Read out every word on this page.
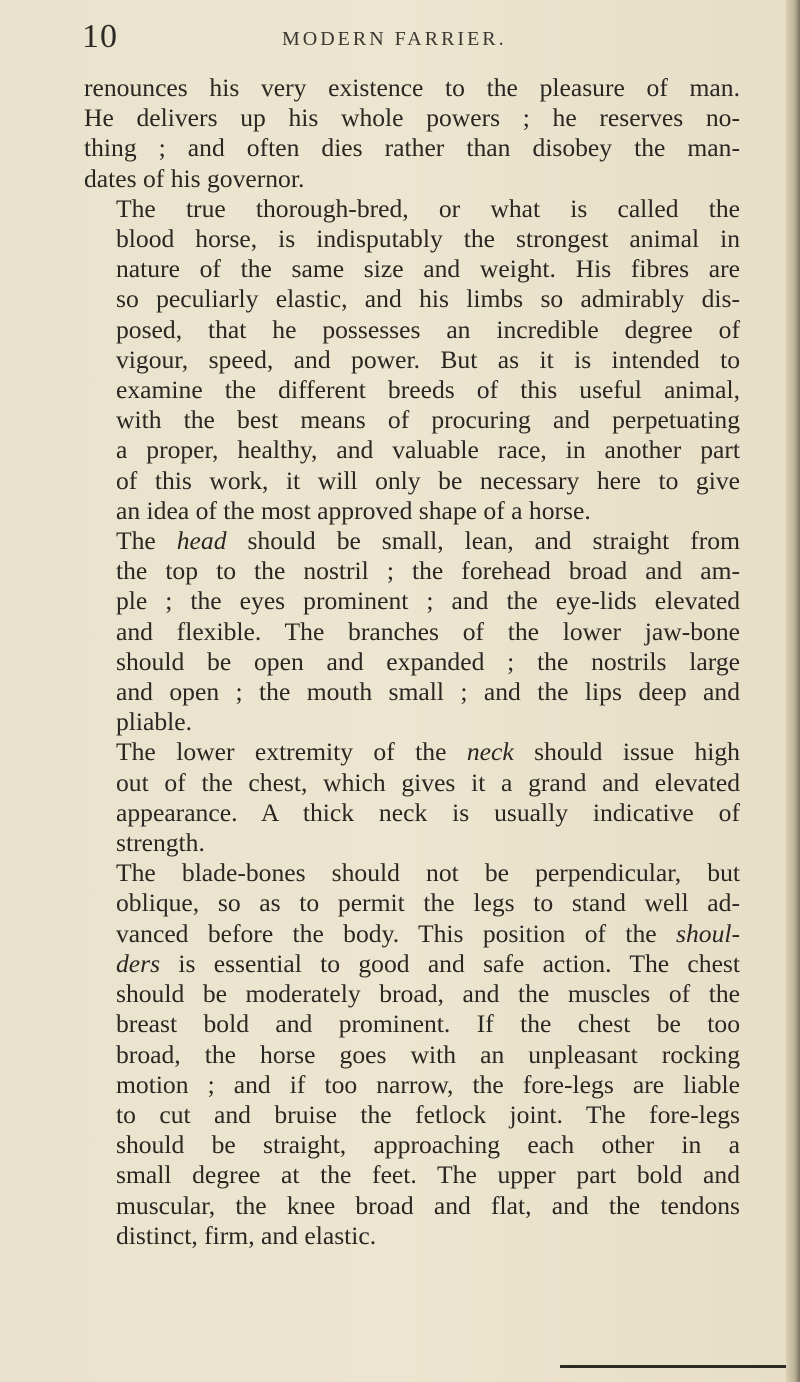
10	MODERN FARRIER.

renounces his very existence to the pleasure of man.
He delivers up his whole powers ; he reserves no-
thing ; and often dies rather than disobey the man-
dates of his governor.

The true thorough-bred, or what is called the
blood horse, is indisputably the strongest animal in
nature of the same size and weight. His fibres are
so peculiarly elastic, and his limbs so admirably dis-
posed, that he possesses an incredible degree of
vigour, speed, and power. But as it is intended to
examine the different breeds of this useful animal,
with the best means of procuring and perpetuating
a proper, healthy, and valuable race, in another part
of this work, it will only be necessary here to give
an idea of the most approved shape of a horse.

The head should be small, lean, and straight from
the top to the nostril ; the forehead broad and am-
ple ; the eyes prominent ; and the eye-lids elevated
and flexible. The branches of the lower jaw-bone
should be open and expanded ; the nostrils large
and open ; the mouth small ; and the lips deep and
pliable.

The lower extremity of the neck should issue high
out of the chest, which gives it a grand and elevated
appearance. A thick neck is usually indicative of
strength.

The blade-bones should not be perpendicular, but
oblique, so as to permit the legs to stand well ad-
vanced before the body. This position of the shoul-
ders is essential to good and safe action. The chest
should be moderately broad, and the muscles of the
breast bold and prominent. If the chest be too
broad, the horse goes with an unpleasant rocking
motion ; and if too narrow, the fore-legs are liable
to cut and bruise the fetlock joint. The fore-legs
should be straight, approaching each other in a
small degree at the feet. The upper part bold and
muscular, the knee broad and flat, and the tendons
distinct, firm, and elastic.
